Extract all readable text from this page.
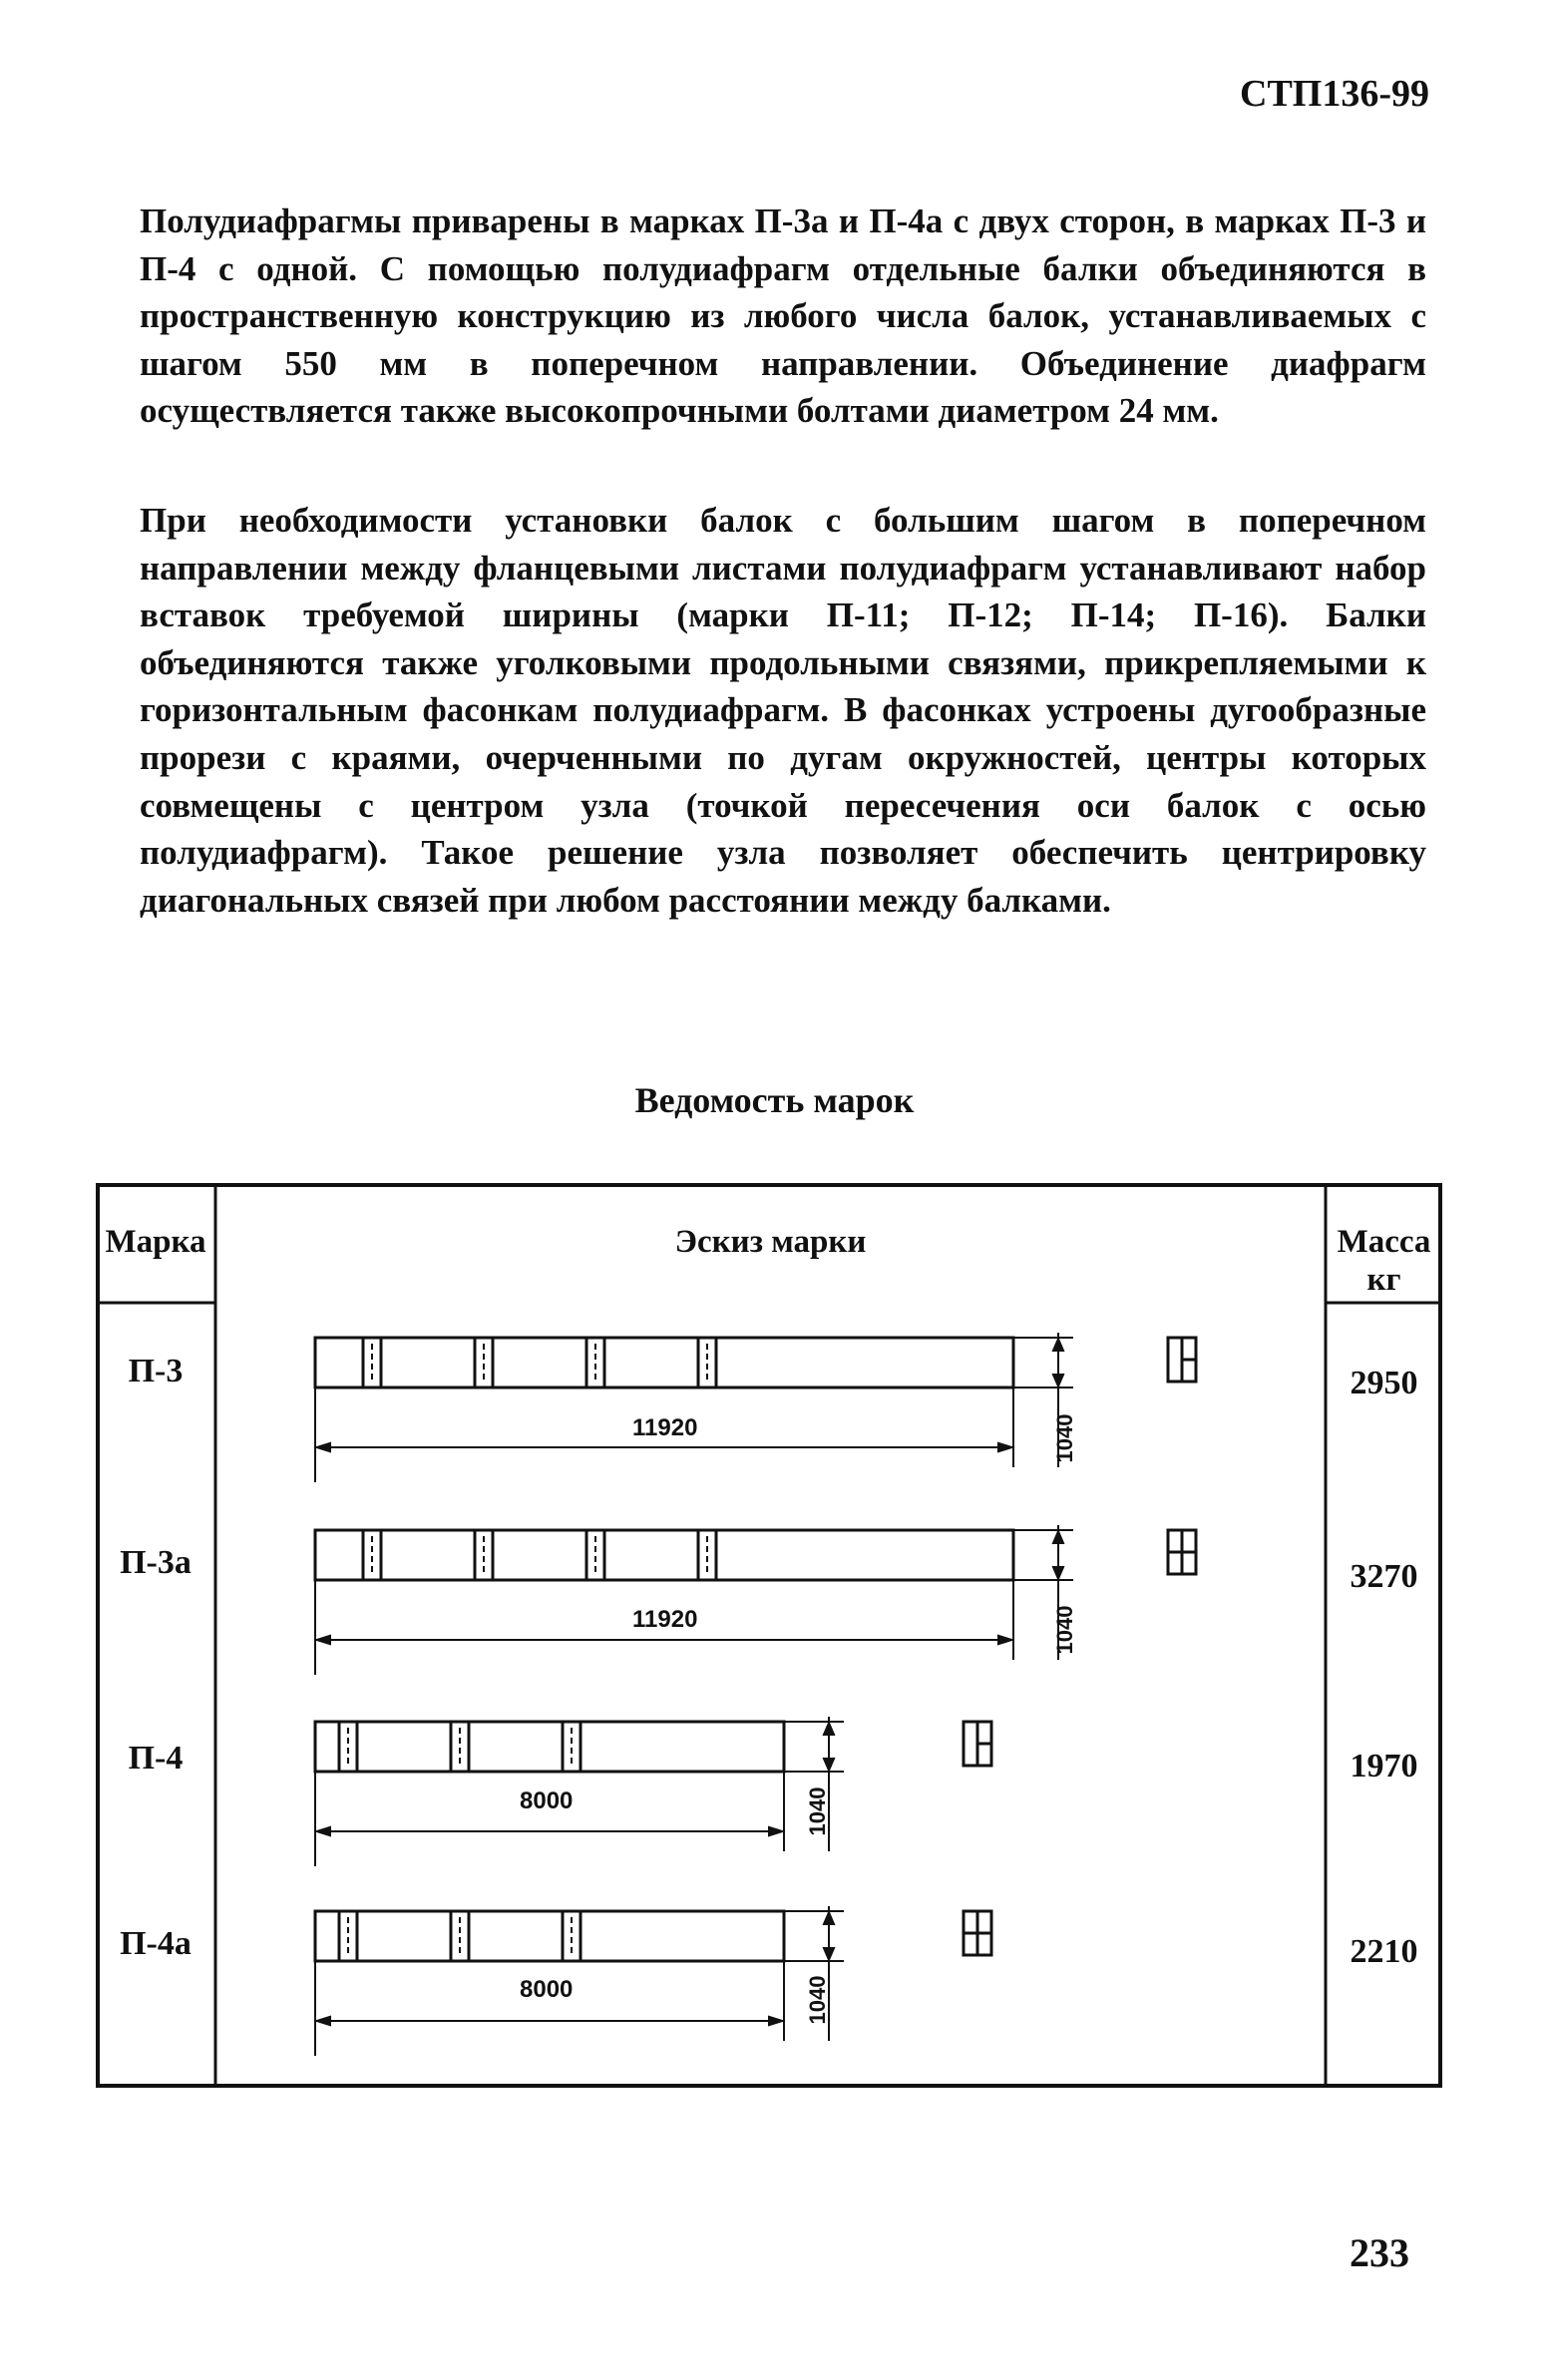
СТП136-99

Полудиафрагмы приварены в марках П-3а и П-4а с двух сторон, в марках П-3 и П-4 с одной. С помощью полудиафрагм отдельные балки объединяются в пространственную конструкцию из любого числа балок, устанавливаемых с шагом 550 мм в поперечном направлении. Объединение диафрагм осуществляется также высокопрочными болтами диаметром 24 мм.

При необходимости установки балок с большим шагом в поперечном направлении между фланцевыми листами полудиафрагм устанавливают набор вставок требуемой ширины (марки П-11; П-12; П-14; П-16). Балки объединяются также уголковыми продольными связями, прикрепляемыми к горизонтальным фасонкам полудиафрагм. В фасонках устроены дугообразные прорези с краями, очерченными по дугам окружностей, центры которых совмещены с центром узла (точкой пересечения оси балок с осью полудиафрагм). Такое решение узла позволяет обеспечить центрировку диагональных связей при любом расстоянии между балками.

Ведомость марок
Марка	Эскиз марки	Масса
кг
П-3	2950
11920	1040
П-3а	3270
11920	1040
П-4	1970
8000	1040
П-4а	2210
8000	1040
233
